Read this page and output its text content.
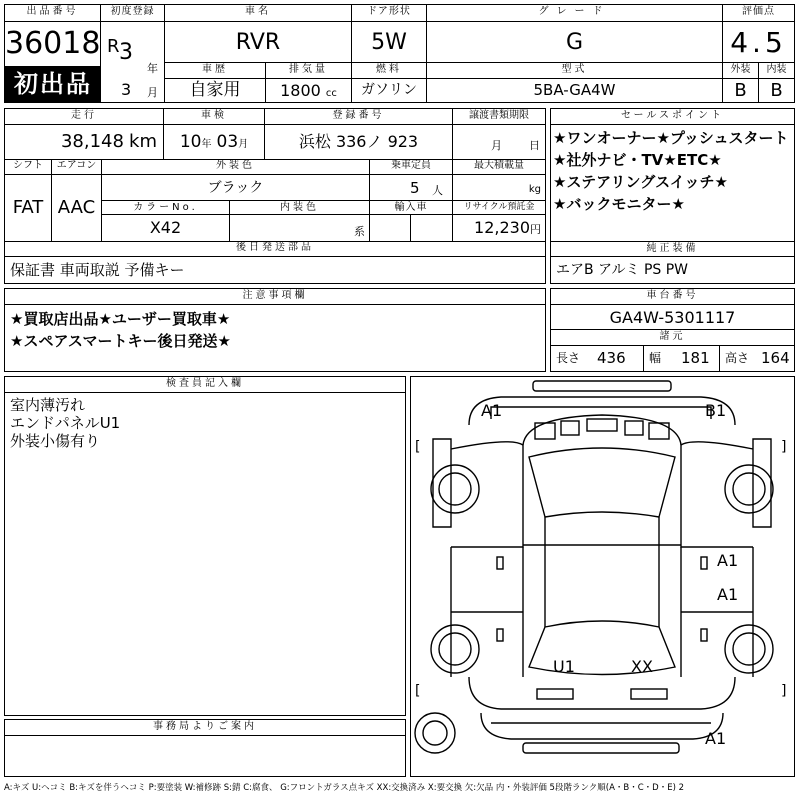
出品番号
36018
初出品
初度登録
R 3
年
3 月
車名
RVR
ドア形状
5W
グレード
G
評価点
4.5
車歴
自家用
排気量
1800 cc
燃料
ガソリン
型式
5BA-GA4W
外装
B
内装
B
走行
38,148 km
車検
10年 03月
登録番号
浜松 336ノ 923
譲渡書類期限
月 日
シフト
FAT
エアコン
AAC
外装色
ブラック
乗車定員
5 人
最大積載量
kg
カラーNo.
X42
内装色
系
輸入車	リサイクル預託金
12,230円
後日発送部品
保証書 車両取説 予備キー
セールスポイント
★ワンオーナー★プッシュスタート
★社外ナビ・TV★ETC★
★ステアリングスイッチ★
★バックモニター★
純正装備
エアB アルミ PS PW
注意事項欄
★買取店出品★ユーザー買取車★
★スペアスマートキー後日発送★
車台番号
GA4W-5301117
諸元
長さ 436 幅 181 高さ 164
検査員記入欄
室内薄汚れ
エンドパネルU1
外装小傷有り
事務局よりご案内
[	]
[	]
A1	B1
A1
A1
U1	XX
A1
A:キズ U:ヘコミ B:キズを伴うヘコミ P:要塗装 W:補修跡 S:錆 C:腐食、 G:フロントガラス点キズ XX:交換済み X:要交換 欠:欠品 内・外装評価 5段階ランク順(A・B・C・D・E) 2
